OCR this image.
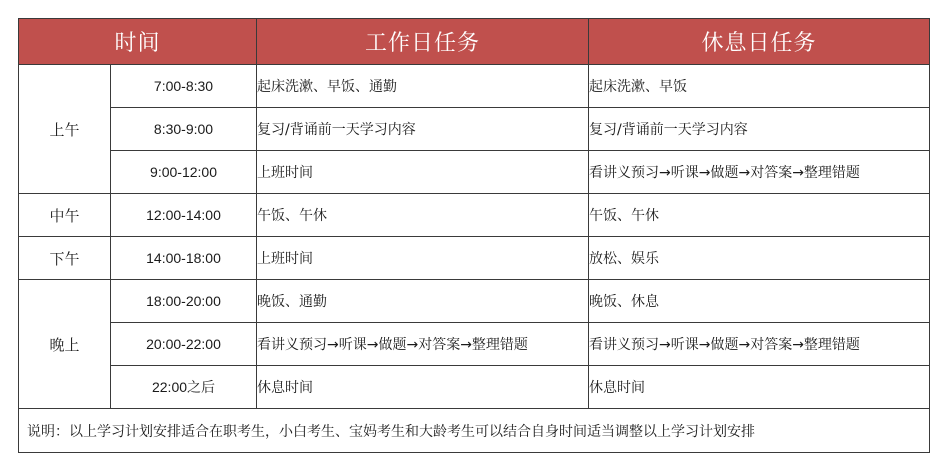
时间		工作日任务	休息日任务
上午	7:00-8:30	起床洗漱、早饭、通勤	起床洗漱、早饭
	8:30-9:00	复习/背诵前一天学习内容	复习/背诵前一天学习内容
	9:00-12:00	上班时间	看讲义预习→听课→做题→对答案→整理错题
中午	12:00-14:00	午饭、午休	午饭、午休
下午	14:00-18:00	上班时间	放松、娱乐
晚上	18:00-20:00	晚饭、通勤	晚饭、休息
	20:00-22:00	看讲义预习→听课→做题→对答案→整理错题	看讲义预习→听课→做题→对答案→整理错题
	22:00之后	休息时间	休息时间
说明：以上学习计划安排适合在职考生，小白考生、宝妈考生和大龄考生可以结合自身时间适当调整以上学习计划安排			
